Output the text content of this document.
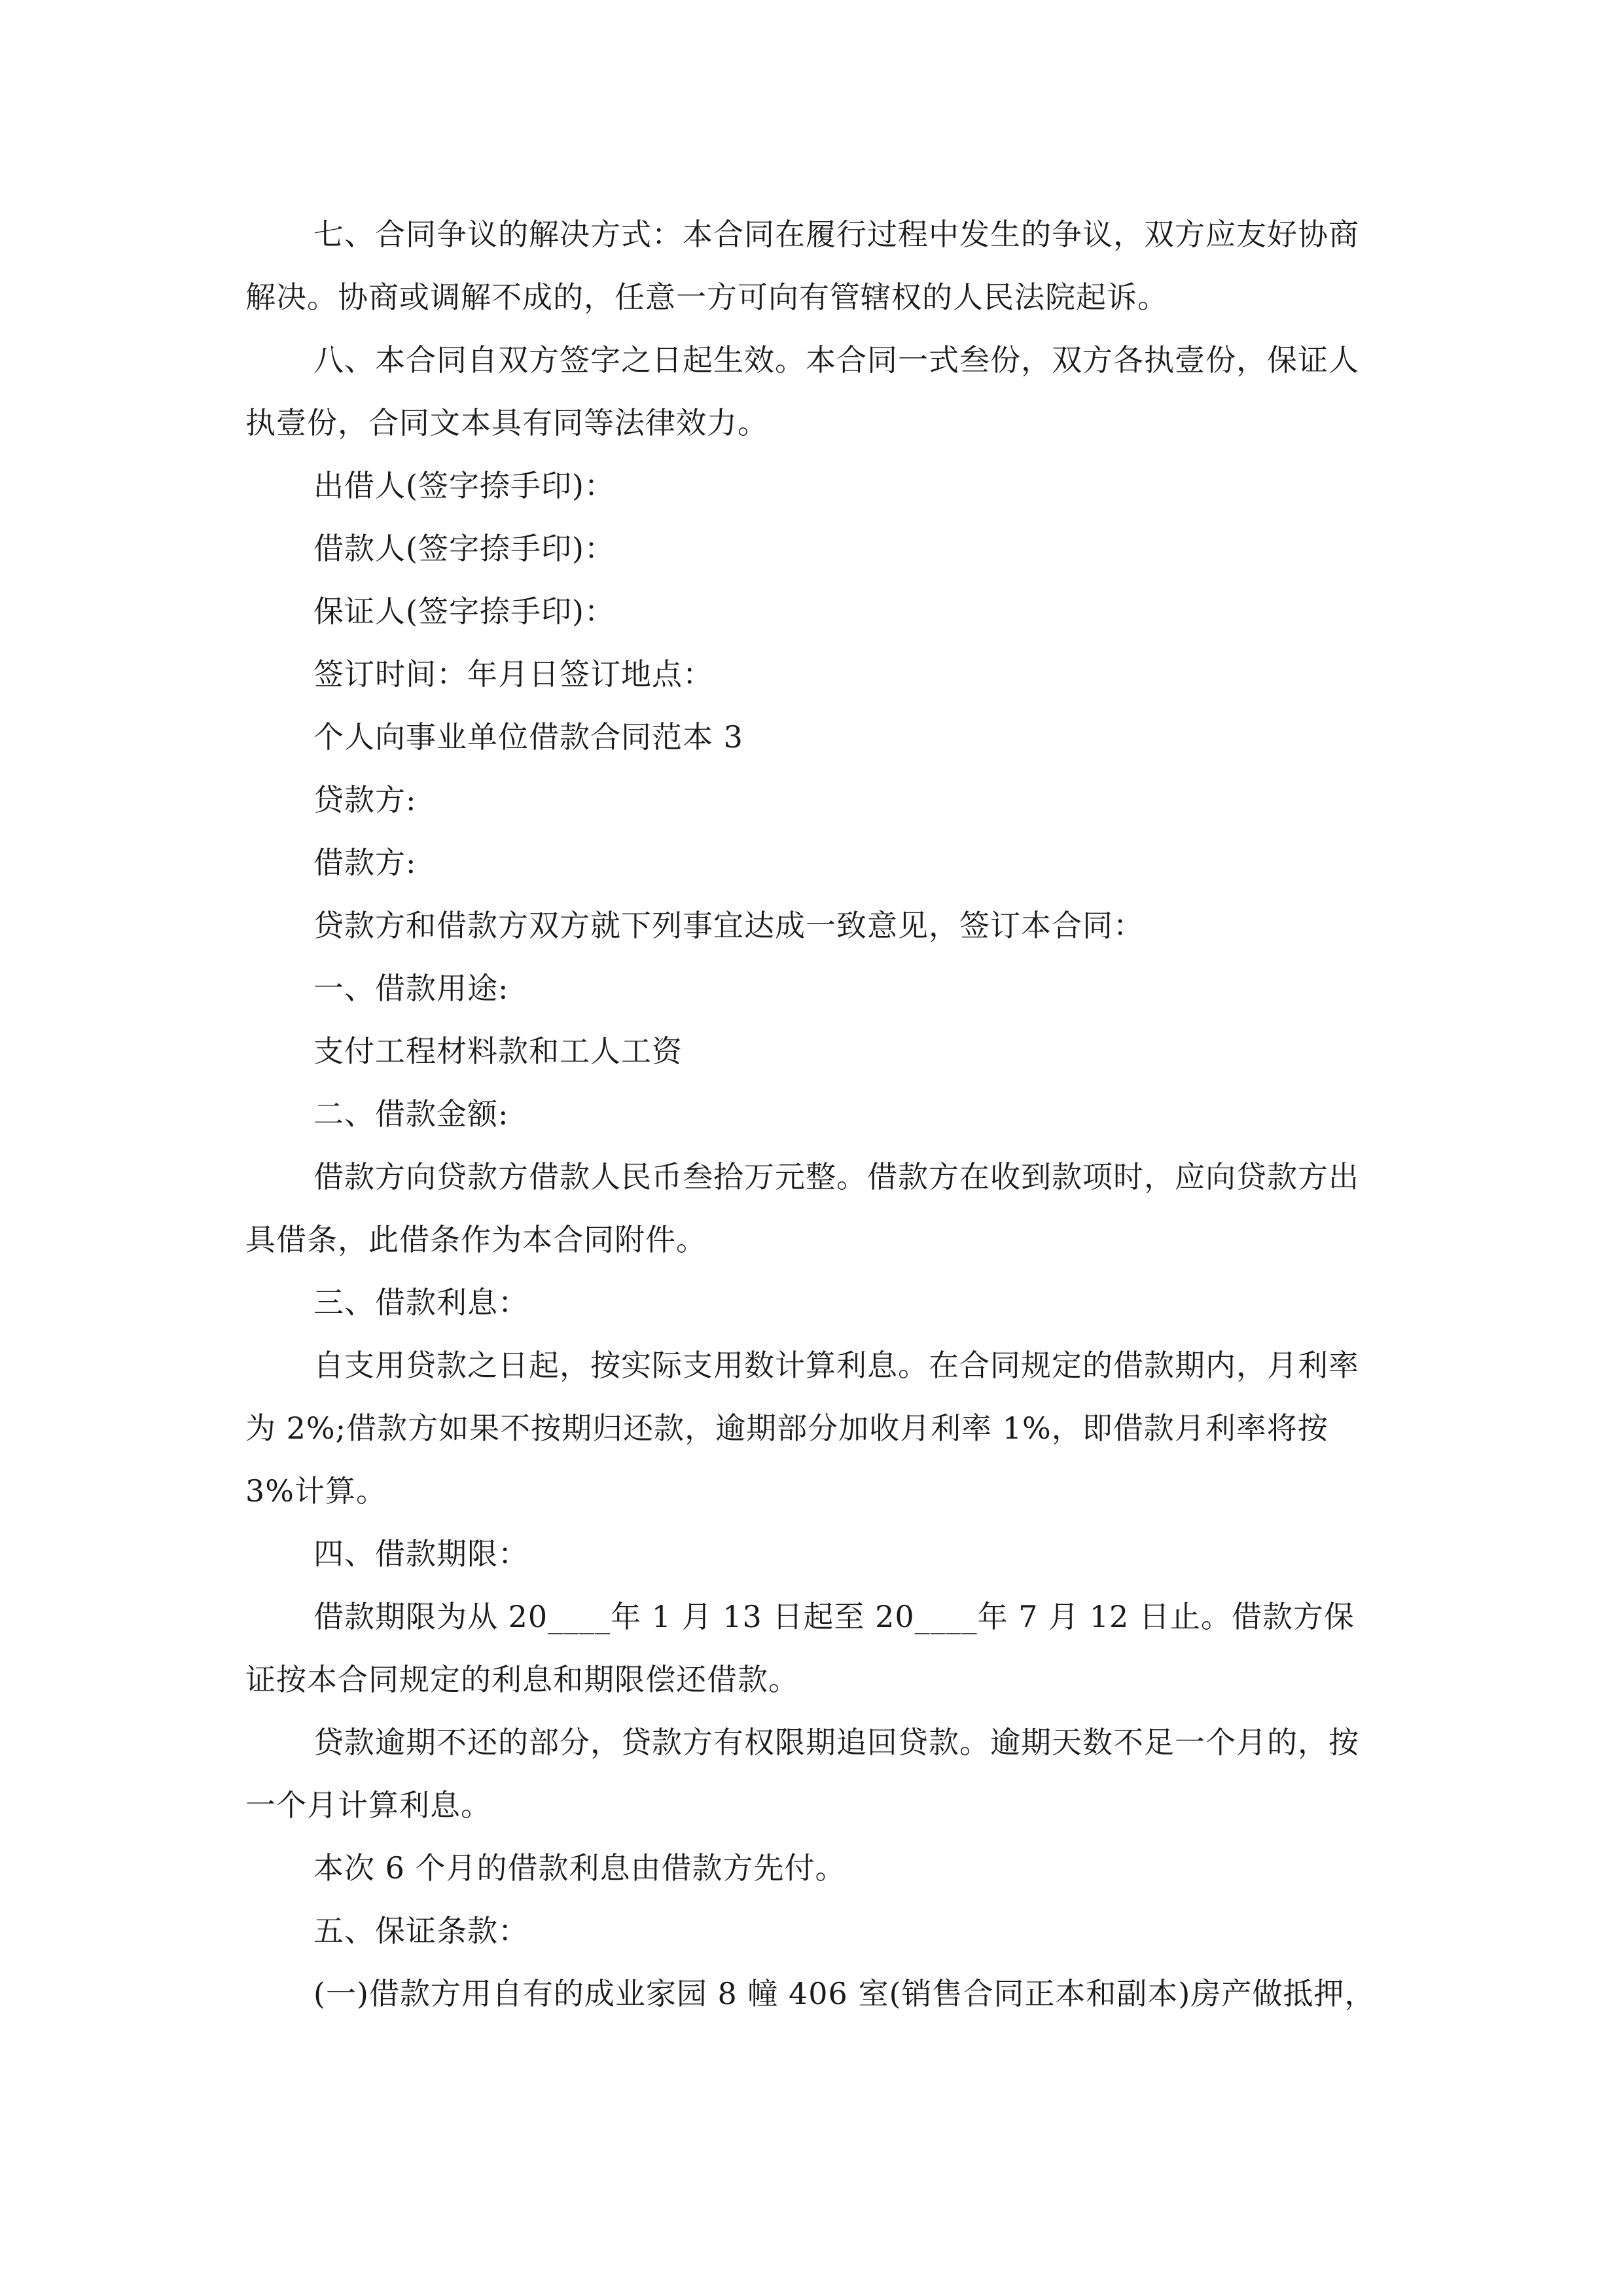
七、合同争议的解决方式：本合同在履行过程中发生的争议，双方应友好协商解决。协商或调解不成的，任意一方可向有管辖权的人民法院起诉。

八、本合同自双方签字之日起生效。本合同一式叁份，双方各执壹份，保证人执壹份，合同文本具有同等法律效力。

出借人(签字捺手印)：

借款人(签字捺手印)：

保证人(签字捺手印)：

签订时间：年月日签订地点：

个人向事业单位借款合同范本 3

贷款方:

借款方:

贷款方和借款方双方就下列事宜达成一致意见，签订本合同：

一、借款用途:

支付工程材料款和工人工资

二、借款金额:

借款方向贷款方借款人民币叁拾万元整。借款方在收到款项时，应向贷款方出具借条，此借条作为本合同附件。

三、借款利息：

自支用贷款之日起，按实际支用数计算利息。在合同规定的借款期内，月利率为 2%;借款方如果不按期归还款，逾期部分加收月利率 1%，即借款月利率将按 3%计算。

四、借款期限：

借款期限为从 20____年 1 月 13 日起至 20____年 7 月 12 日止。借款方保证按本合同规定的利息和期限偿还借款。

贷款逾期不还的部分，贷款方有权限期追回贷款。逾期天数不足一个月的，按一个月计算利息。

本次 6 个月的借款利息由借款方先付。

五、保证条款：

(一)借款方用自有的成业家园 8 幢 406 室(销售合同正本和副本)房产做抵押，
